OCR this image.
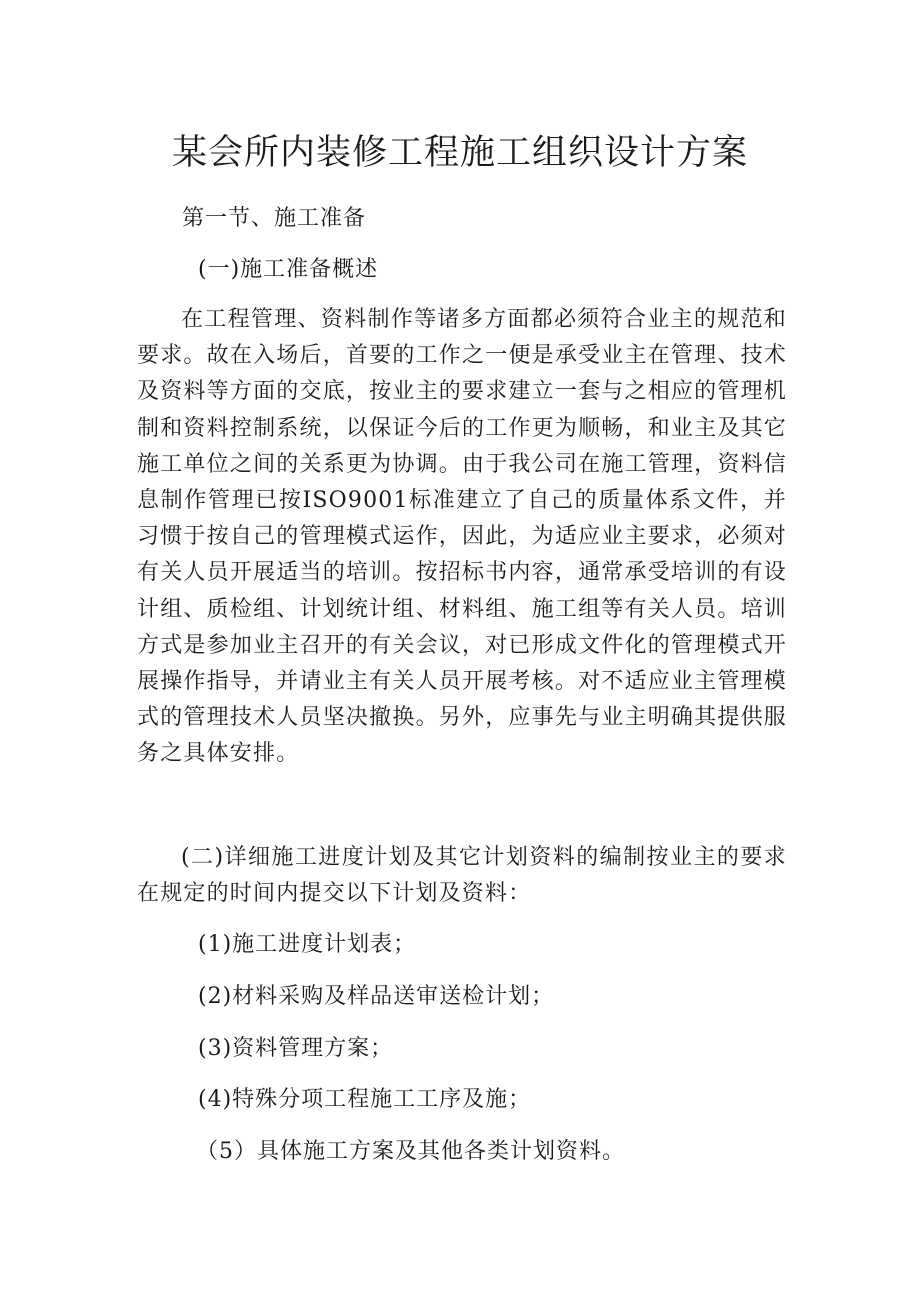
某会所内装修工程施工组织设计方案

第一节、施工准备

(一)施工准备概述

在工程管理、资料制作等诸多方面都必须符合业主的规范和要求。故在入场后，首要的工作之一便是承受业主在管理、技术及资料等方面的交底，按业主的要求建立一套与之相应的管理机制和资料控制系统，以保证今后的工作更为顺畅，和业主及其它施工单位之间的关系更为协调。由于我公司在施工管理，资料信息制作管理已按ISO9001标准建立了自己的质量体系文件，并习惯于按自己的管理模式运作，因此，为适应业主要求，必须对有关人员开展适当的培训。按招标书内容，通常承受培训的有设计组、质检组、计划统计组、材料组、施工组等有关人员。培训方式是参加业主召开的有关会议，对已形成文件化的管理模式开展操作指导，并请业主有关人员开展考核。对不适应业主管理模式的管理技术人员坚决撤换。另外，应事先与业主明确其提供服务之具体安排。

(二)详细施工进度计划及其它计划资料的编制按业主的要求在规定的时间内提交以下计划及资料：

(1)施工进度计划表；

(2)材料采购及样品送审送检计划；

(3)资料管理方案；

(4)特殊分项工程施工工序及施；

（5）具体施工方案及其他各类计划资料。
